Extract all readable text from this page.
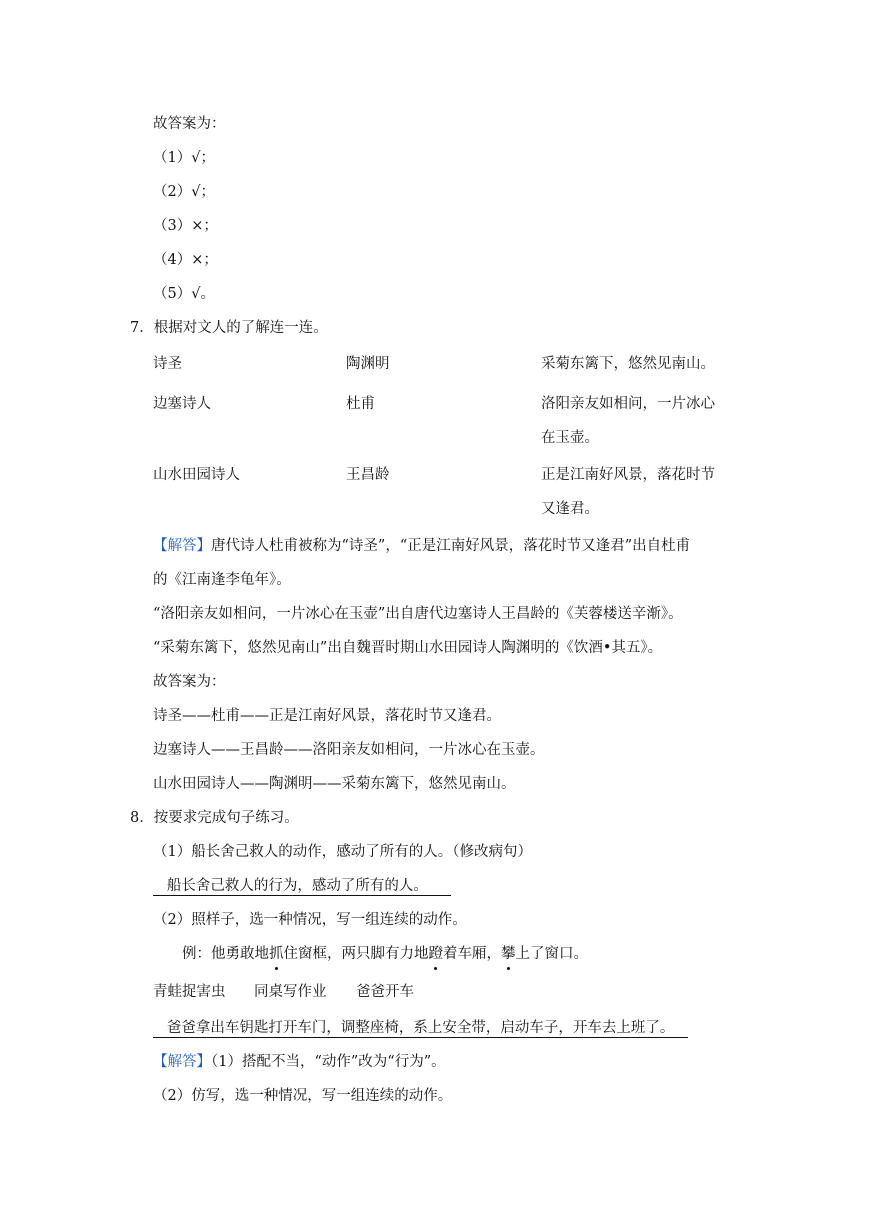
故答案为：
（1）√；
（2）√；
（3）×；
（4）×；
（5）√。
7．根据对文人的了解连一连。
诗圣	陶渊明	采菊东篱下，悠然见南山。
边塞诗人	杜甫	洛阳亲友如相问，一片冰心
在玉壶。
山水田园诗人	王昌龄	正是江南好风景，落花时节
又逢君。
【解答】唐代诗人杜甫被称为“诗圣”，“正是江南好风景，落花时节又逢君”出自杜甫
的《江南逢李龟年》。
“洛阳亲友如相问，一片冰心在玉壶”出自唐代边塞诗人王昌龄的《芙蓉楼送辛渐》。
“采菊东篱下，悠然见南山”出自魏晋时期山水田园诗人陶渊明的《饮酒•其五》。
故答案为：
诗圣——杜甫——正是江南好风景，落花时节又逢君。
边塞诗人——王昌龄——洛阳亲友如相问，一片冰心在玉壶。
山水田园诗人——陶渊明——采菊东篱下，悠然见南山。
8．按要求完成句子练习。
（1）船长舍己救人的动作，感动了所有的人。（修改病句）
船长舍己救人的行为，感动了所有的人。
（2）照样子，选一种情况，写一组连续的动作。
例：他勇敢地抓住窗框，两只脚有力地蹬着车厢，攀上了窗口。
青蛙捉害虫 同桌写作业 爸爸开车
爸爸拿出车钥匙打开车门，调整座椅，系上安全带，启动车子，开车去上班了。
【解答】（1）搭配不当，“动作”改为“行为”。
（2）仿写，选一种情况，写一组连续的动作。
